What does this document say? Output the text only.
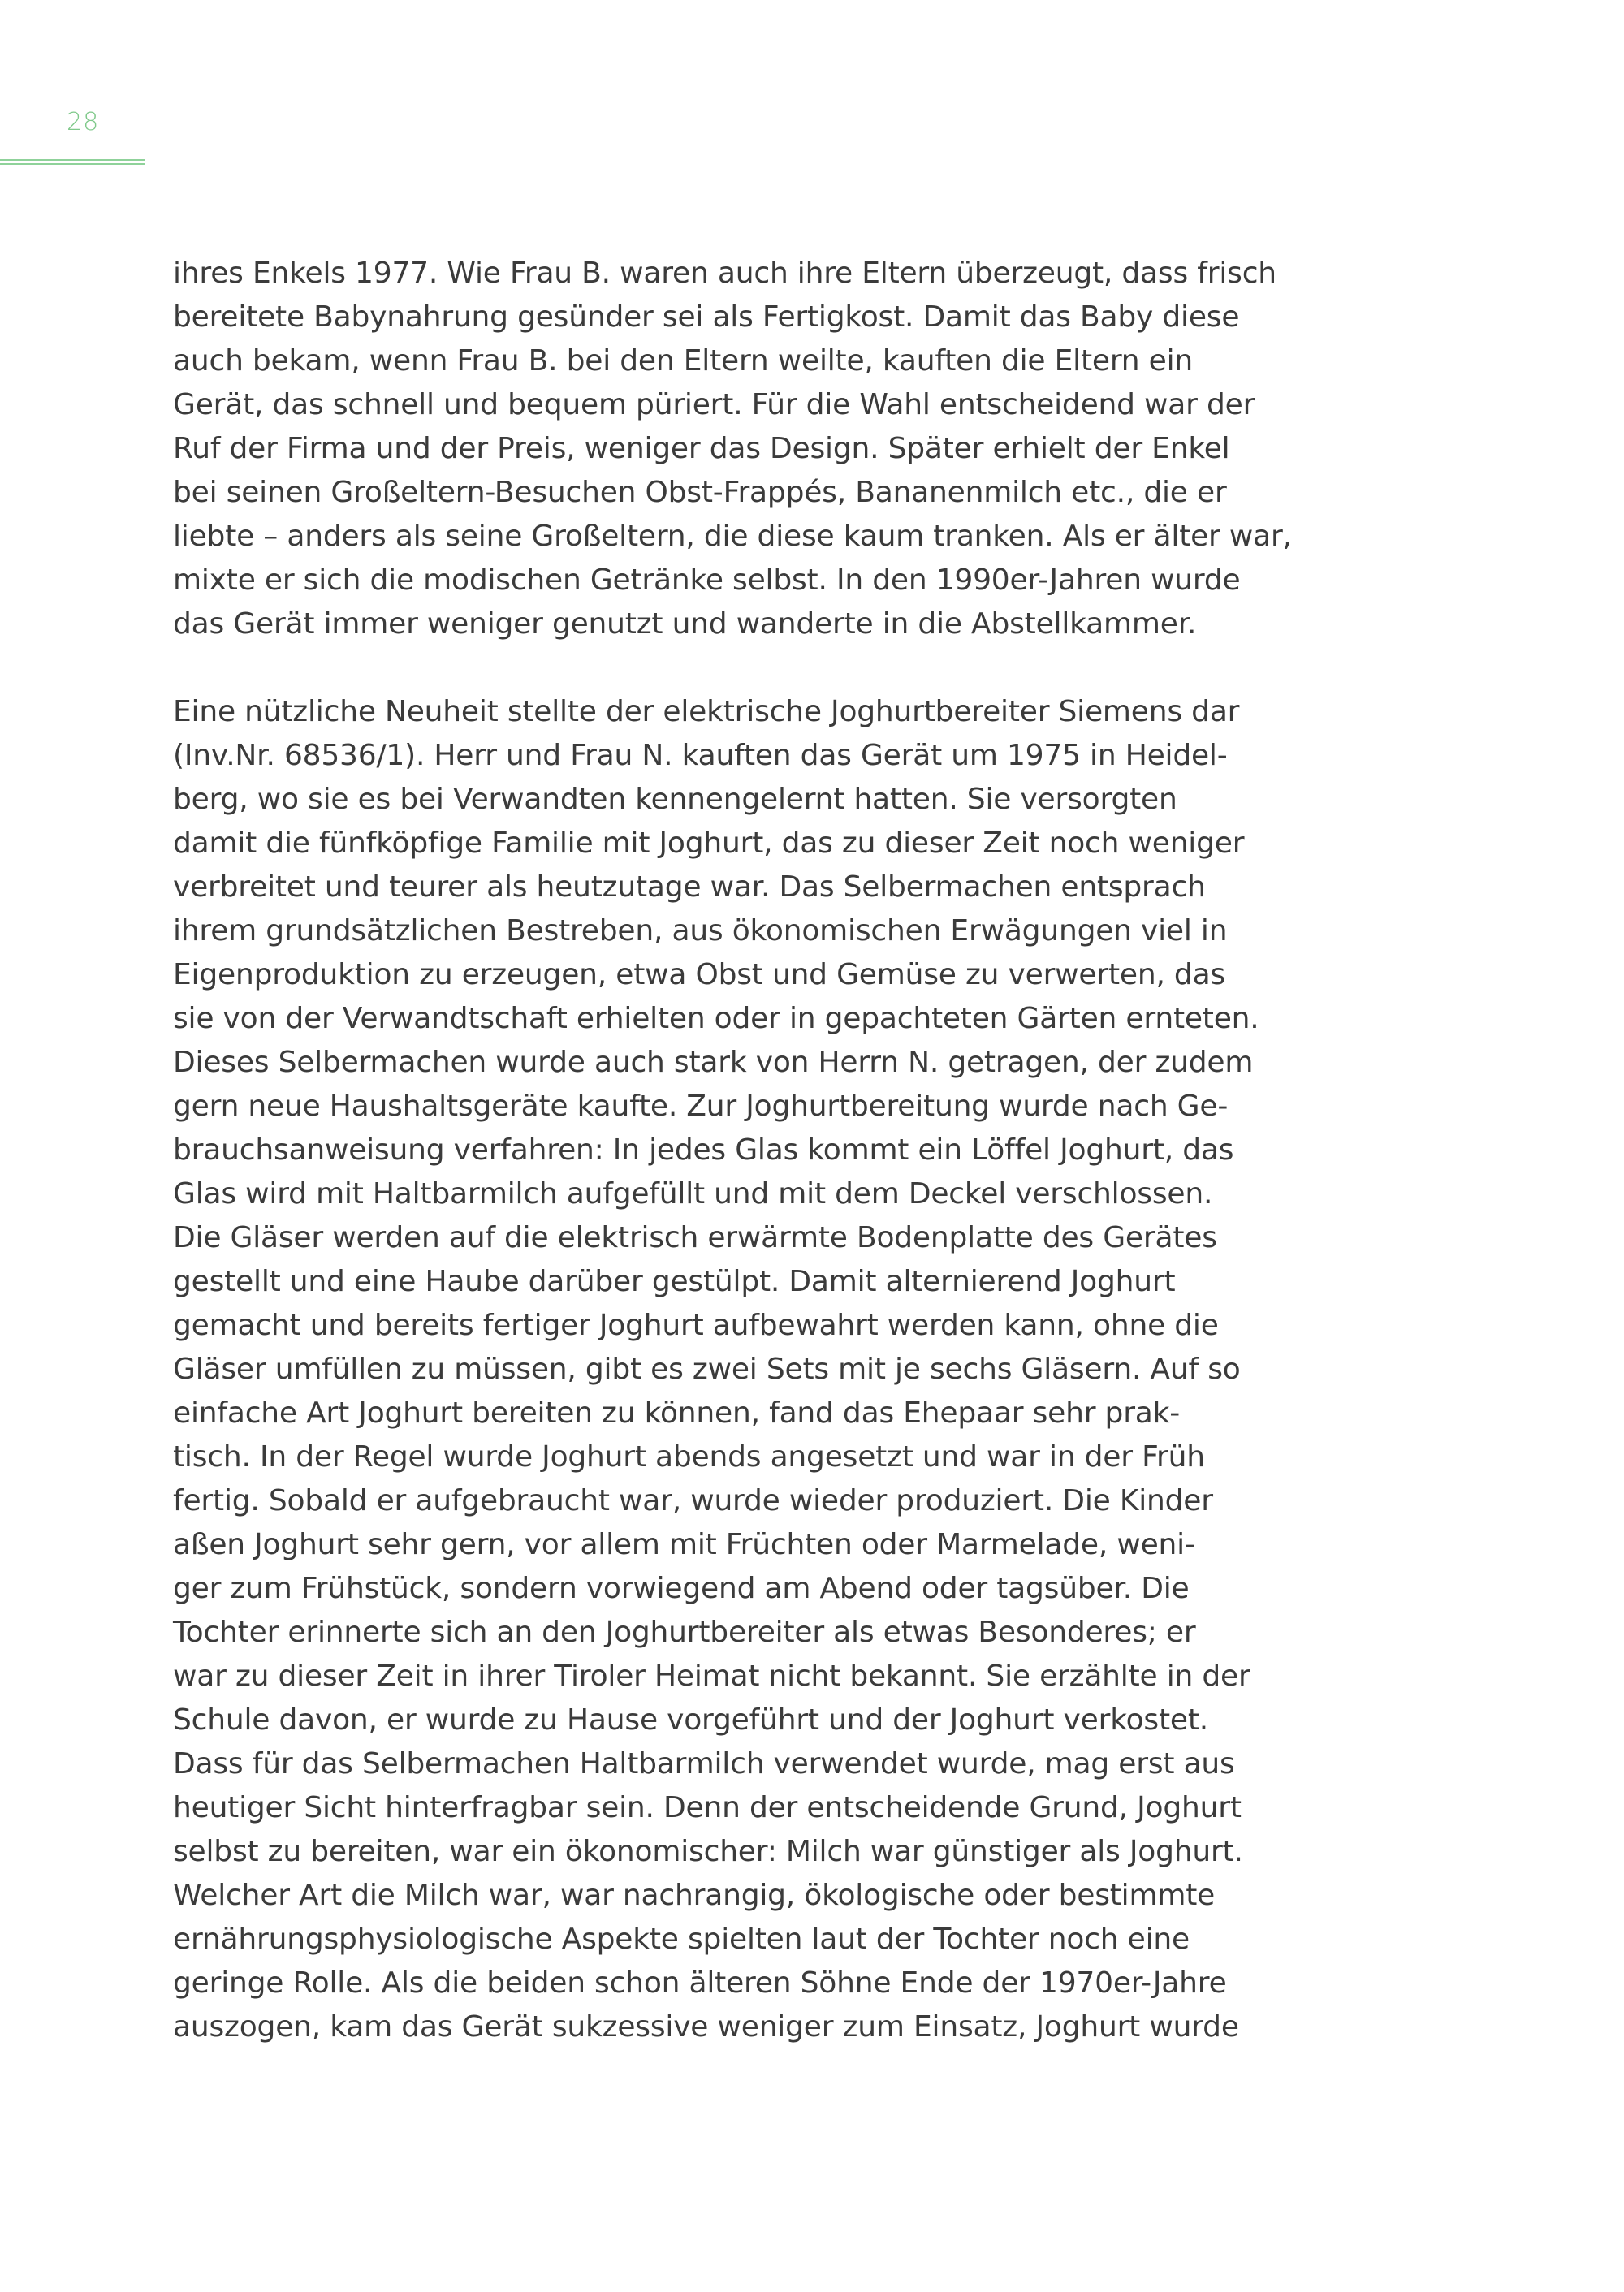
28

ihres Enkels 1977. Wie Frau B. waren auch ihre Eltern überzeugt, dass frisch
bereitete Babynahrung gesünder sei als Fertigkost. Damit das Baby diese
auch bekam, wenn Frau B. bei den Eltern weilte, kauften die Eltern ein
Gerät, das schnell und bequem püriert. Für die Wahl entscheidend war der
Ruf der Firma und der Preis, weniger das Design. Später erhielt der Enkel
bei seinen Großeltern-Besuchen Obst-Frappés, Bananenmilch etc., die er
liebte – anders als seine Großeltern, die diese kaum tranken. Als er älter war,
mixte er sich die modischen Getränke selbst. In den 1990er-Jahren wurde
das Gerät immer weniger genutzt und wanderte in die Abstellkammer.

Eine nützliche Neuheit stellte der elektrische Joghurtbereiter Siemens dar
(Inv.Nr. 68536/1). Herr und Frau N. kauften das Gerät um 1975 in Heidel-
berg, wo sie es bei Verwandten kennengelernt hatten. Sie versorgten
damit die fünfköpfige Familie mit Joghurt, das zu dieser Zeit noch weniger
verbreitet und teurer als heutzutage war. Das Selbermachen entsprach
ihrem grundsätzlichen Bestreben, aus ökonomischen Erwägungen viel in
Eigenproduktion zu erzeugen, etwa Obst und Gemüse zu verwerten, das
sie von der Verwandtschaft erhielten oder in gepachteten Gärten ernteten.
Dieses Selbermachen wurde auch stark von Herrn N. getragen, der zudem
gern neue Haushaltsgeräte kaufte. Zur Joghurtbereitung wurde nach Ge-
brauchsanweisung verfahren: In jedes Glas kommt ein Löffel Joghurt, das
Glas wird mit Haltbarmilch aufgefüllt und mit dem Deckel verschlossen.
Die Gläser werden auf die elektrisch erwärmte Bodenplatte des Gerätes
gestellt und eine Haube darüber gestülpt. Damit alternierend Joghurt
gemacht und bereits fertiger Joghurt aufbewahrt werden kann, ohne die
Gläser umfüllen zu müssen, gibt es zwei Sets mit je sechs Gläsern. Auf so
einfache Art Joghurt bereiten zu können, fand das Ehepaar sehr prak-
tisch. In der Regel wurde Joghurt abends angesetzt und war in der Früh
fertig. Sobald er aufgebraucht war, wurde wieder produziert. Die Kinder
aßen Joghurt sehr gern, vor allem mit Früchten oder Marmelade, weni-
ger zum Frühstück, sondern vorwiegend am Abend oder tagsüber. Die
Tochter erinnerte sich an den Joghurtbereiter als etwas Besonderes; er
war zu dieser Zeit in ihrer Tiroler Heimat nicht bekannt. Sie erzählte in der
Schule davon, er wurde zu Hause vorgeführt und der Joghurt verkostet.
Dass für das Selbermachen Haltbarmilch verwendet wurde, mag erst aus
heutiger Sicht hinterfragbar sein. Denn der entscheidende Grund, Joghurt
selbst zu bereiten, war ein ökonomischer: Milch war günstiger als Joghurt.
Welcher Art die Milch war, war nachrangig, ökologische oder bestimmte
ernährungsphysiologische Aspekte spielten laut der Tochter noch eine
geringe Rolle. Als die beiden schon älteren Söhne Ende der 1970er-Jahre
auszogen, kam das Gerät sukzessive weniger zum Einsatz, Joghurt wurde
